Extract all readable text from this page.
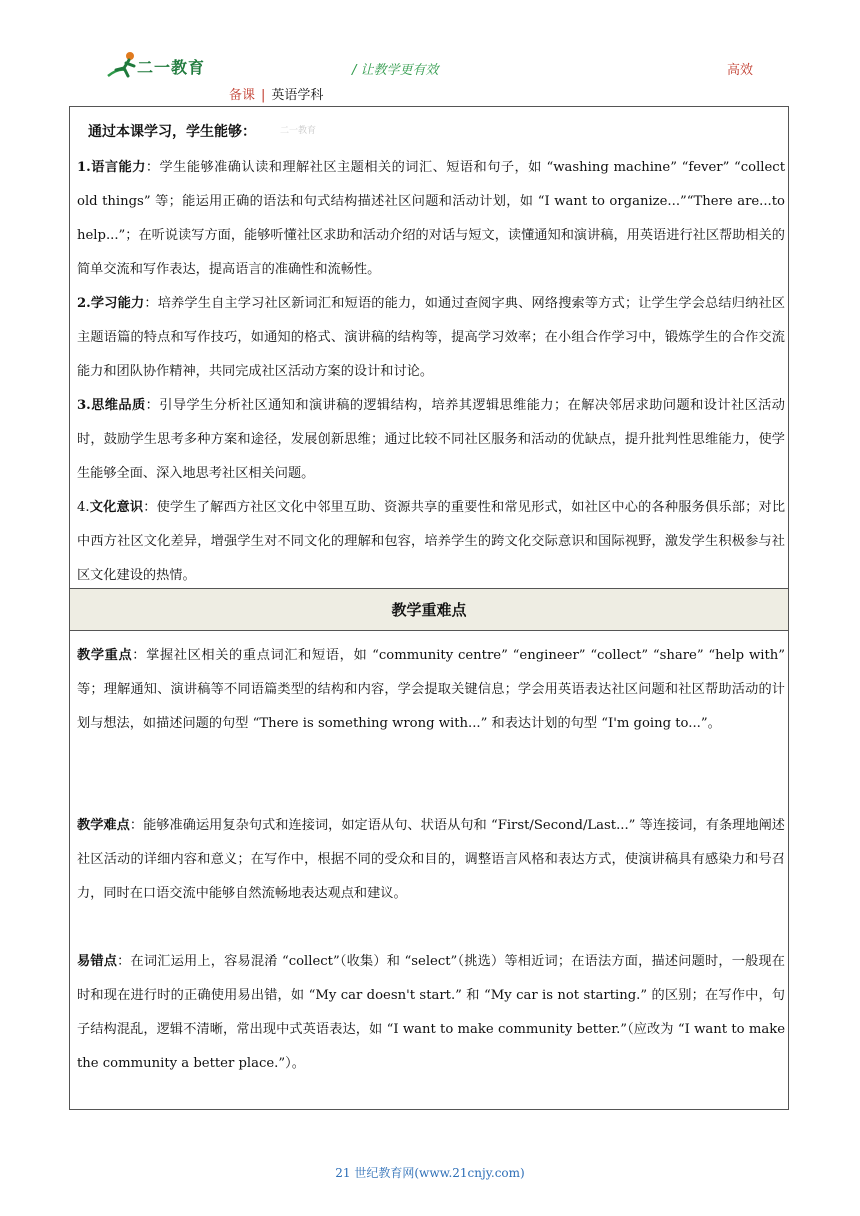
二一教育	/ 让教学更有效	高效
备课 | 英语学科
通过本课学习，学生能够：	二一教育
1.语言能力：学生能够准确认读和理解社区主题相关的词汇、短语和句子，如 “washing machine” “fever” “collect old things” 等；能运用正确的语法和句式结构描述社区问题和活动计划，如 “I want to organize...”“There are...to help...”；在听说读写方面，能够听懂社区求助和活动介绍的对话与短文，读懂通知和演讲稿，用英语进行社区帮助相关的简单交流和写作表达，提高语言的准确性和流畅性。
2.学习能力：培养学生自主学习社区新词汇和短语的能力，如通过查阅字典、网络搜索等方式；让学生学会总结归纳社区主题语篇的特点和写作技巧，如通知的格式、演讲稿的结构等，提高学习效率；在小组合作学习中，锻炼学生的合作交流能力和团队协作精神，共同完成社区活动方案的设计和讨论。
3.思维品质：引导学生分析社区通知和演讲稿的逻辑结构，培养其逻辑思维能力；在解决邻居求助问题和设计社区活动时，鼓励学生思考多种方案和途径，发展创新思维；通过比较不同社区服务和活动的优缺点，提升批判性思维能力，使学生能够全面、深入地思考社区相关问题。
4.文化意识：使学生了解西方社区文化中邻里互助、资源共享的重要性和常见形式，如社区中心的各种服务俱乐部；对比中西方社区文化差异，增强学生对不同文化的理解和包容，培养学生的跨文化交际意识和国际视野，激发学生积极参与社区文化建设的热情。
教学重难点
教学重点：掌握社区相关的重点词汇和短语，如 “community centre” “engineer” “collect” “share” “help with” 等；理解通知、演讲稿等不同语篇类型的结构和内容，学会提取关键信息；学会用英语表达社区问题和社区帮助活动的计划与想法，如描述问题的句型 “There is something wrong with...” 和表达计划的句型 “I'm going to...”。
教学难点：能够准确运用复杂句式和连接词，如定语从句、状语从句和 “First/Second/Last...” 等连接词，有条理地阐述社区活动的详细内容和意义；在写作中，根据不同的受众和目的，调整语言风格和表达方式，使演讲稿具有感染力和号召力，同时在口语交流中能够自然流畅地表达观点和建议。
易错点：在词汇运用上，容易混淆 “collect”（收集）和 “select”（挑选）等相近词；在语法方面，描述问题时，一般现在时和现在进行时的正确使用易出错，如 “My car doesn't start.” 和 “My car is not starting.” 的区别；在写作中，句子结构混乱，逻辑不清晰，常出现中式英语表达，如 “I want to make community better.”（应改为 “I want to make the community a better place.”）。
21 世纪教育网(www.21cnjy.com)
